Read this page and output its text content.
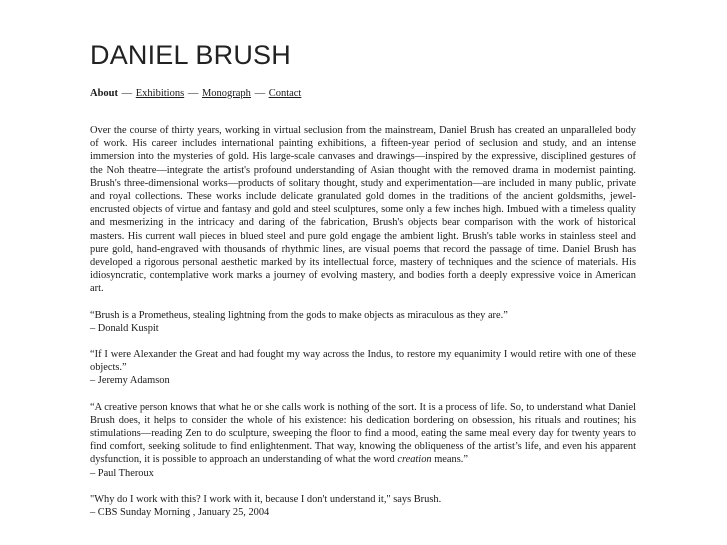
DANIEL BRUSH
About — Exhibitions — Monograph — Contact

Over the course of thirty years, working in virtual seclusion from the mainstream, Daniel Brush has created an unparalleled body of work. His career includes international painting exhibitions, a fifteen-year period of seclusion and study, and an intense immersion into the mysteries of gold. His large-scale canvases and drawings—inspired by the expressive, disciplined gestures of the Noh theatre—integrate the artist's profound understanding of Asian thought with the removed drama in modernist painting. Brush's three-dimensional works—products of solitary thought, study and experimentation—are included in many public, private and royal collections. These works include delicate granulated gold domes in the traditions of the ancient goldsmiths, jewel-encrusted objects of virtue and fantasy and gold and steel sculptures, some only a few inches high. Imbued with a timeless quality and mesmerizing in the intricacy and daring of the fabrication, Brush's objects bear comparison with the work of historical masters. His current wall pieces in blued steel and pure gold engage the ambient light. Brush's table works in stainless steel and pure gold, hand-engraved with thousands of rhythmic lines, are visual poems that record the passage of time. Daniel Brush has developed a rigorous personal aesthetic marked by its intellectual force, mastery of techniques and the science of materials. His idiosyncratic, contemplative work marks a journey of evolving mastery, and bodies forth a deeply expressive voice in American art.

“Brush is a Prometheus, stealing lightning from the gods to make objects as miraculous as they are.”

– Donald Kuspit

“If I were Alexander the Great and had fought my way across the Indus, to restore my equanimity I would retire with one of these objects.”

– Jeremy Adamson

“A creative person knows that what he or she calls work is nothing of the sort. It is a process of life. So, to understand what Daniel Brush does, it helps to consider the whole of his existence: his dedication bordering on obsession, his rituals and routines; his stimulations—reading Zen to do sculpture, sweeping the floor to find a mood, eating the same meal every day for twenty years to find comfort, seeking solitude to find enlightenment. That way, knowing the obliqueness of the artist’s life, and even his apparent dysfunction, it is possible to approach an understanding of what the word creation means.”

– Paul Theroux

"Why do I work with this? I work with it, because I don't understand it," says Brush.

– CBS Sunday Morning , January 25, 2004
